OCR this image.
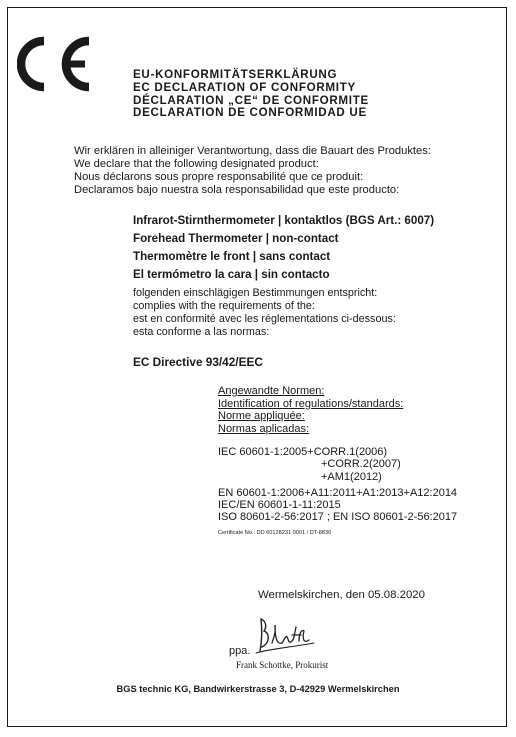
EU-KONFORMITÄTSERKLÄRUNG
EC DECLARATION OF CONFORMITY
DÉCLARATION „CE“ DE CONFORMITE
DECLARATION DE CONFORMIDAD UE
Wir erklären in alleiniger Verantwortung, dass die Bauart des Produktes:
We declare that the following designated product:
Nous déclarons sous propre responsabilité que ce produit:
Declaramos bajo nuestra sola responsabilidad que este producto:
Infrarot-Stirnthermometer | kontaktlos (BGS Art.: 6007)
Forehead Thermometer | non-contact
Thermomètre le front | sans contact
El termómetro la cara | sin contacto
folgenden einschlägigen Bestimmungen entspricht:
complies with the requirements of the:
est en conformité avec les réglementations ci-dessous:
esta conforme a las normas:
EC Directive 93/42/EEC
Angewandte Normen:
Identification of regulations/standards:
Norme appliquée:
Normas aplicadas:
IEC 60601-1:2005+CORR.1(2006)
+CORR.2(2007)
+AM1(2012)
EN 60601-1:2006+A11:2011+A1:2013+A12:2014
IEC/EN 60601-1-11:2015
ISO 80601-2-56:2017 ; EN ISO 80601-2-56:2017
Certificate No.: DD 60128231 0001 / DT-8836
Wermelskirchen, den 05.08.2020
ppa.
Frank Schottke, Prokurist
BGS technic KG, Bandwirkerstrasse 3, D-42929 Wermelskirchen
